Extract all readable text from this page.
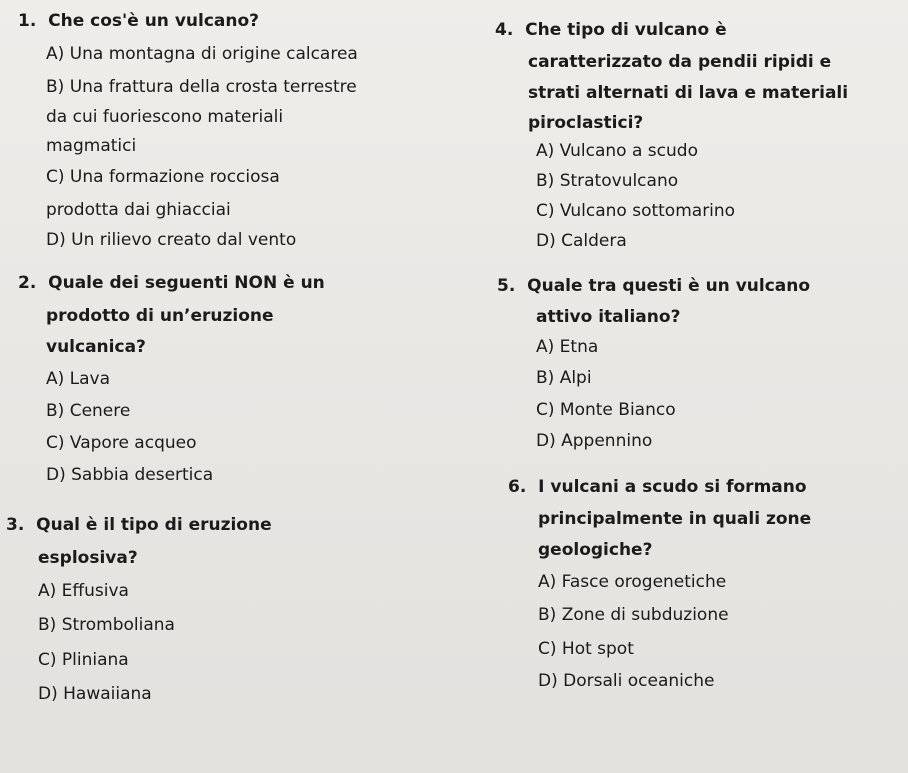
1. Che cos'è un vulcano?
A) Una montagna di origine calcarea
B) Una frattura della crosta terrestre
da cui fuoriescono materiali
magmatici
C) Una formazione rocciosa
prodotta dai ghiacciai
D) Un rilievo creato dal vento
2. Quale dei seguenti NON è un
prodotto di un’eruzione
vulcanica?
A) Lava
B) Cenere
C) Vapore acqueo
D) Sabbia desertica
3. Qual è il tipo di eruzione
esplosiva?
A) Effusiva
B) Stromboliana
C) Pliniana
D) Hawaiiana
4. Che tipo di vulcano è
caratterizzato da pendii ripidi e
strati alternati di lava e materiali
piroclastici?
A) Vulcano a scudo
B) Stratovulcano
C) Vulcano sottomarino
D) Caldera
5. Quale tra questi è un vulcano
attivo italiano?
A) Etna
B) Alpi
C) Monte Bianco
D) Appennino
6. I vulcani a scudo si formano
principalmente in quali zone
geologiche?
A) Fasce orogenetiche
B) Zone di subduzione
C) Hot spot
D) Dorsali oceaniche
